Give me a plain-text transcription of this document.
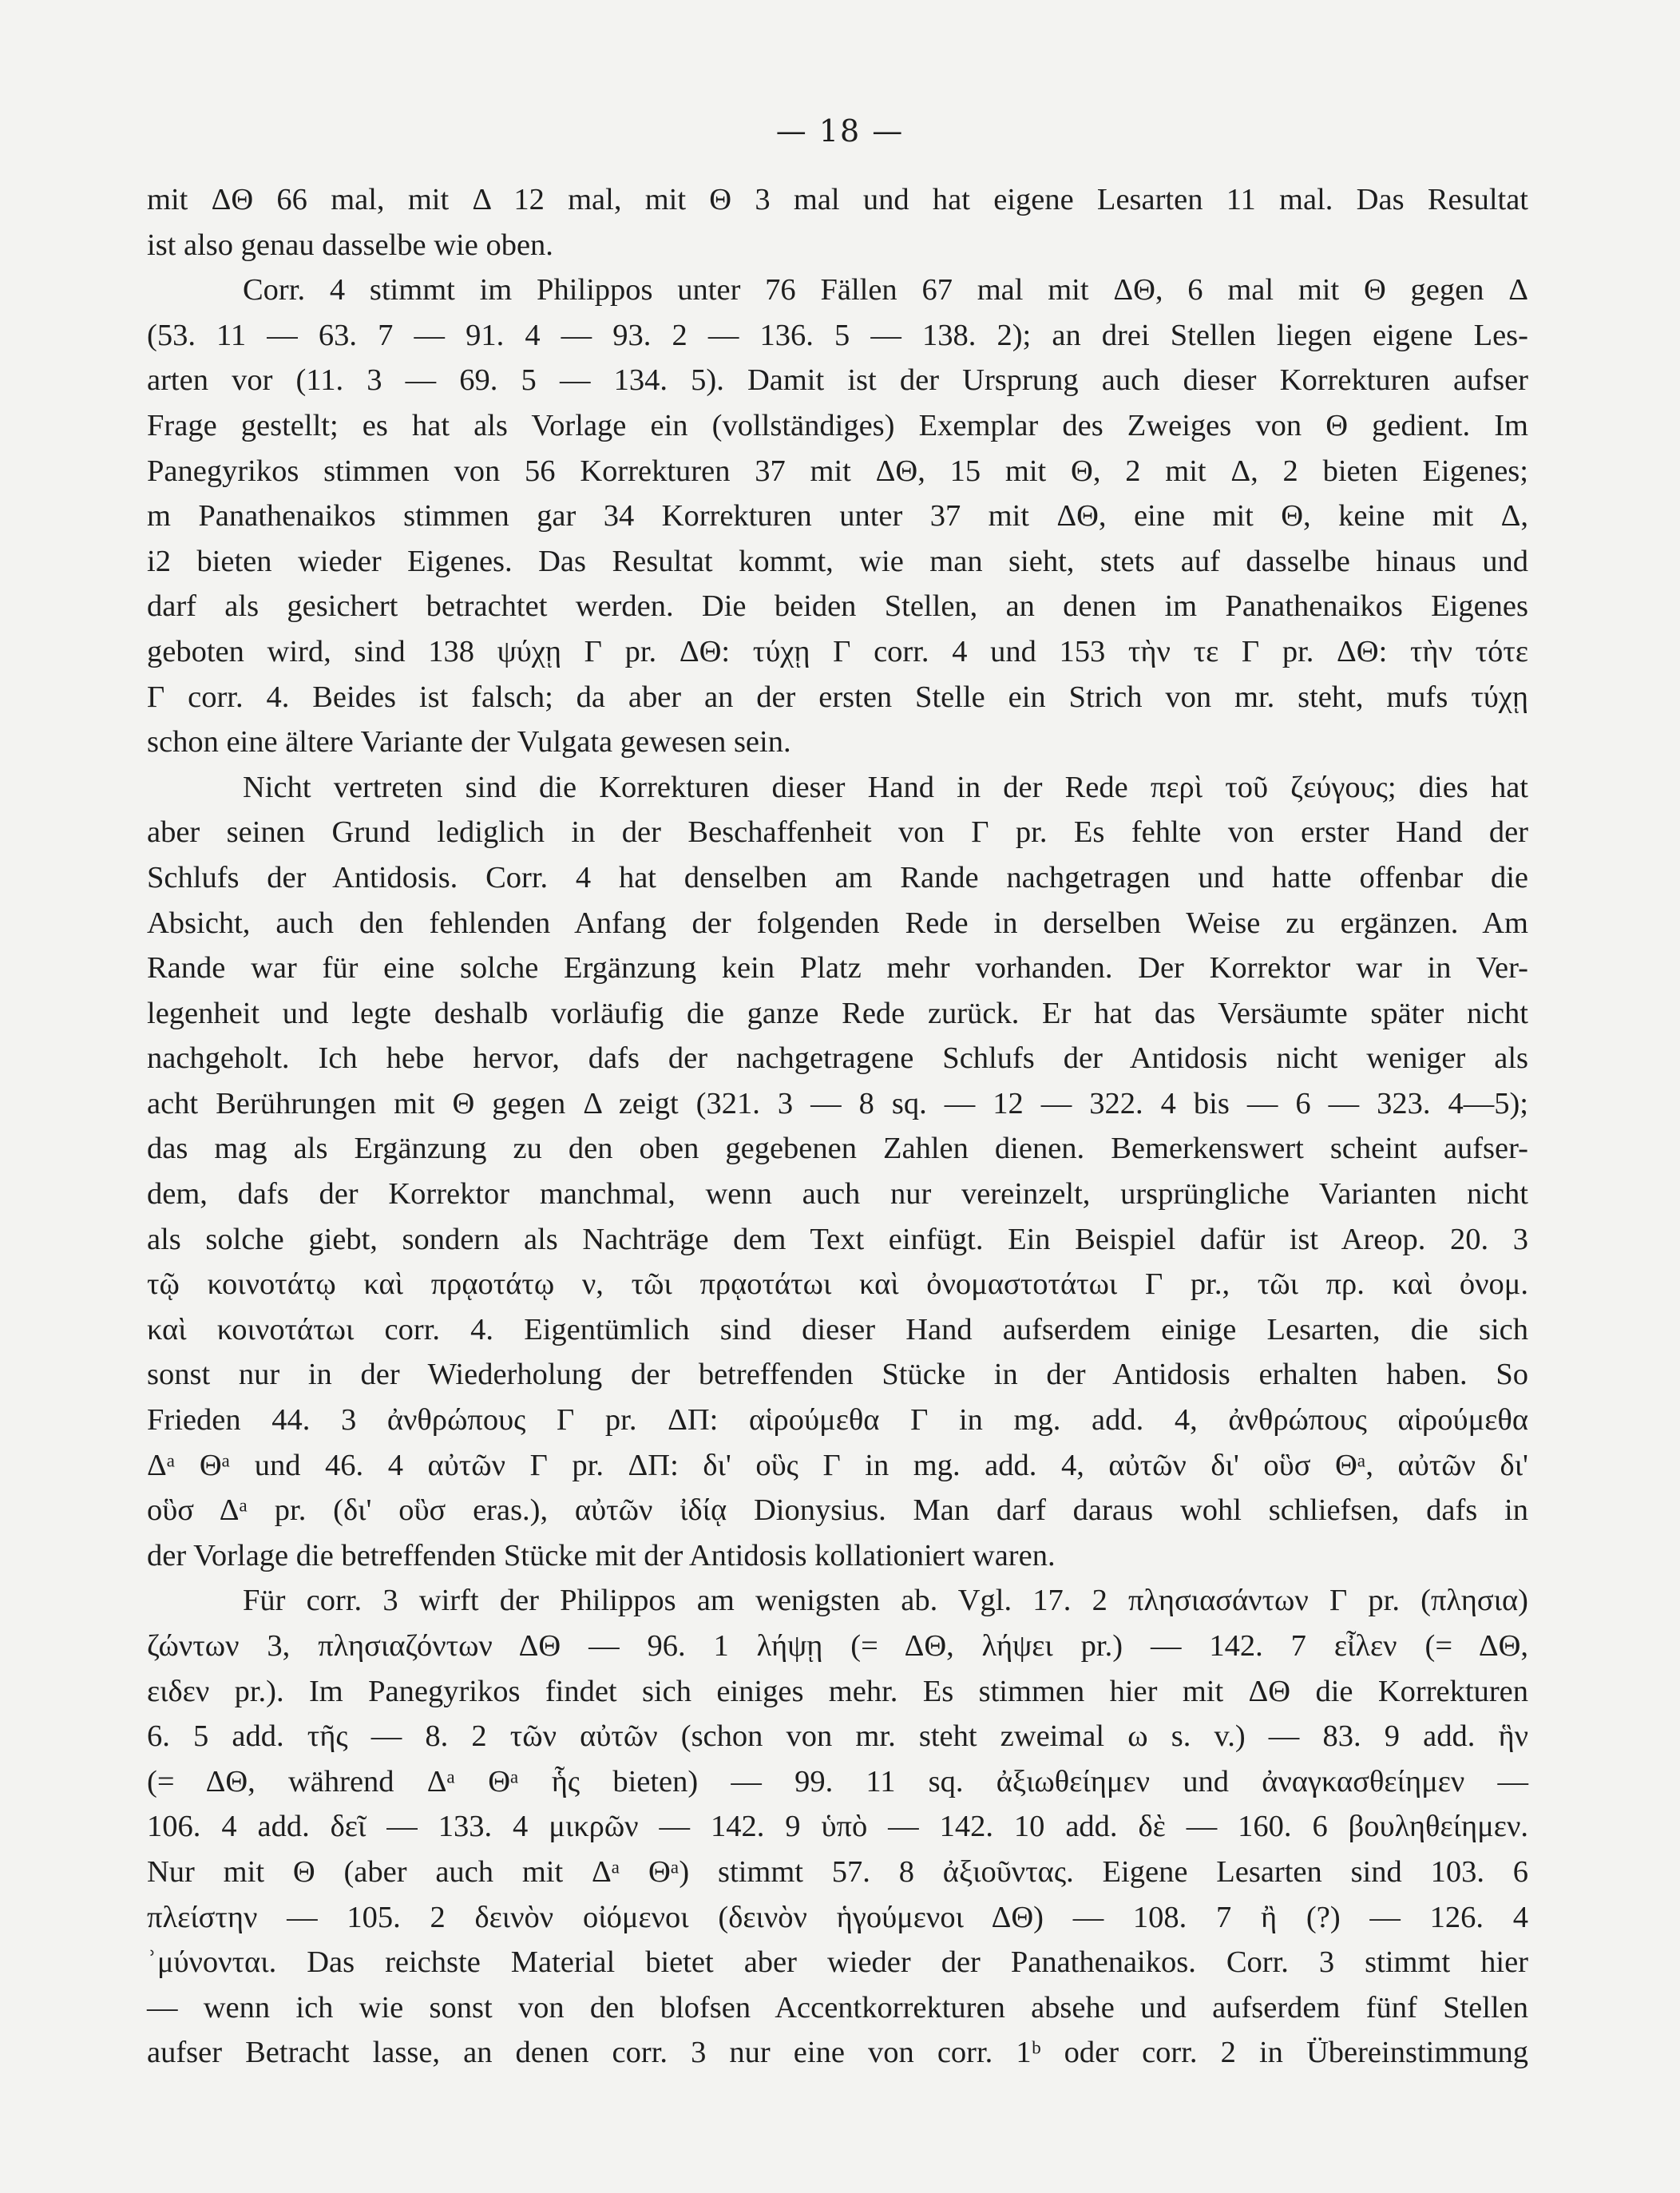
— 18 —
mit ΔΘ 66 mal, mit Δ 12 mal, mit Θ 3 mal und hat eigene Lesarten 11 mal. Das Resultat
ist also genau dasselbe wie oben.
Corr. 4 stimmt im Philippos unter 76 Fällen 67 mal mit ΔΘ, 6 mal mit Θ gegen Δ
(53. 11 — 63. 7 — 91. 4 — 93. 2 — 136. 5 — 138. 2); an drei Stellen liegen eigene Les-
arten vor (11. 3 — 69. 5 — 134. 5). Damit ist der Ursprung auch dieser Korrekturen aufser
Frage gestellt; es hat als Vorlage ein (vollständiges) Exemplar des Zweiges von Θ gedient. Im
Panegyrikos stimmen von 56 Korrekturen 37 mit ΔΘ, 15 mit Θ, 2 mit Δ, 2 bieten Eigenes;
m Panathenaikos stimmen gar 34 Korrekturen unter 37 mit ΔΘ, eine mit Θ, keine mit Δ,
i2 bieten wieder Eigenes. Das Resultat kommt, wie man sieht, stets auf dasselbe hinaus und
darf als gesichert betrachtet werden. Die beiden Stellen, an denen im Panathenaikos Eigenes
geboten wird, sind 138 ψύχῃ Γ pr. ΔΘ: τύχῃ Γ corr. 4 und 153 τὴν τε Γ pr. ΔΘ: τὴν τότε
Γ corr. 4. Beides ist falsch; da aber an der ersten Stelle ein Strich von mr. steht, mufs τύχῃ
schon eine ältere Variante der Vulgata gewesen sein.
Nicht vertreten sind die Korrekturen dieser Hand in der Rede περὶ τοῦ ζεύγους; dies hat
aber seinen Grund lediglich in der Beschaffenheit von Γ pr. Es fehlte von erster Hand der
Schlufs der Antidosis. Corr. 4 hat denselben am Rande nachgetragen und hatte offenbar die
Absicht, auch den fehlenden Anfang der folgenden Rede in derselben Weise zu ergänzen. Am
Rande war für eine solche Ergänzung kein Platz mehr vorhanden. Der Korrektor war in Ver-
legenheit und legte deshalb vorläufig die ganze Rede zurück. Er hat das Versäumte später nicht
nachgeholt. Ich hebe hervor, dafs der nachgetragene Schlufs der Antidosis nicht weniger als
acht Berührungen mit Θ gegen Δ zeigt (321. 3 — 8 sq. — 12 — 322. 4 bis — 6 — 323. 4—5);
das mag als Ergänzung zu den oben gegebenen Zahlen dienen. Bemerkenswert scheint aufser-
dem, dafs der Korrektor manchmal, wenn auch nur vereinzelt, ursprüngliche Varianten nicht
als solche giebt, sondern als Nachträge dem Text einfügt. Ein Beispiel dafür ist Areop. 20. 3
τῷ κοινοτάτῳ καὶ πρᾳοτάτῳ ν, τῶι πρᾳοτάτωι καὶ ὀνομαστοτάτωι Γ pr., τῶι πρ. καὶ ὀνομ.
καὶ κοινοτάτωι corr. 4. Eigentümlich sind dieser Hand aufserdem einige Lesarten, die sich
sonst nur in der Wiederholung der betreffenden Stücke in der Antidosis erhalten haben. So
Frieden 44. 3 ἀνθρώπους Γ pr. ΔΠ: αἱρούμεθα Γ in mg. add. 4, ἀνθρώπους αἱρούμεθα
Δᵃ Θᵃ und 46. 4 αὐτῶν Γ pr. ΔΠ: δι' οὓς Γ in mg. add. 4, αὐτῶν δι' οὓσ Θᵃ, αὐτῶν δι'
οὓσ Δᵃ pr. (δι' οὓσ eras.), αὐτῶν ἰδίᾳ Dionysius. Man darf daraus wohl schliefsen, dafs in
der Vorlage die betreffenden Stücke mit der Antidosis kollationiert waren.
Für corr. 3 wirft der Philippos am wenigsten ab. Vgl. 17. 2 πλησιασάντων Γ pr. (πλησια)
ζώντων 3, πλησιαζόντων ΔΘ — 96. 1 λήψῃ (= ΔΘ, λήψει pr.) — 142. 7 εἶλεν (= ΔΘ,
ειδεν pr.). Im Panegyrikos findet sich einiges mehr. Es stimmen hier mit ΔΘ die Korrekturen
6. 5 add. τῆς — 8. 2 τῶν αὐτῶν (schon von mr. steht zweimal ω s. v.) — 83. 9 add. ἣν
(= ΔΘ, während Δᵃ Θᵃ ἧς bieten) — 99. 11 sq. ἀξιωθείημεν und ἀναγκασθείημεν —
106. 4 add. δεῖ — 133. 4 μικρῶν — 142. 9 ὑπὸ — 142. 10 add. δὲ — 160. 6 βουληθείημεν.
Nur mit Θ (aber auch mit Δᵃ Θᵃ) stimmt 57. 8 ἀξιοῦντας. Eigene Lesarten sind 103. 6
πλείστην — 105. 2 δεινὸν οἰόμενοι (δεινὸν ἡγούμενοι ΔΘ) — 108. 7 ἢ (?) — 126. 4
ʾμύνονται. Das reichste Material bietet aber wieder der Panathenaikos. Corr. 3 stimmt hier
— wenn ich wie sonst von den blofsen Accentkorrekturen absehe und aufserdem fünf Stellen
aufser Betracht lasse, an denen corr. 3 nur eine von corr. 1ᵇ oder corr. 2 in Übereinstimmung
